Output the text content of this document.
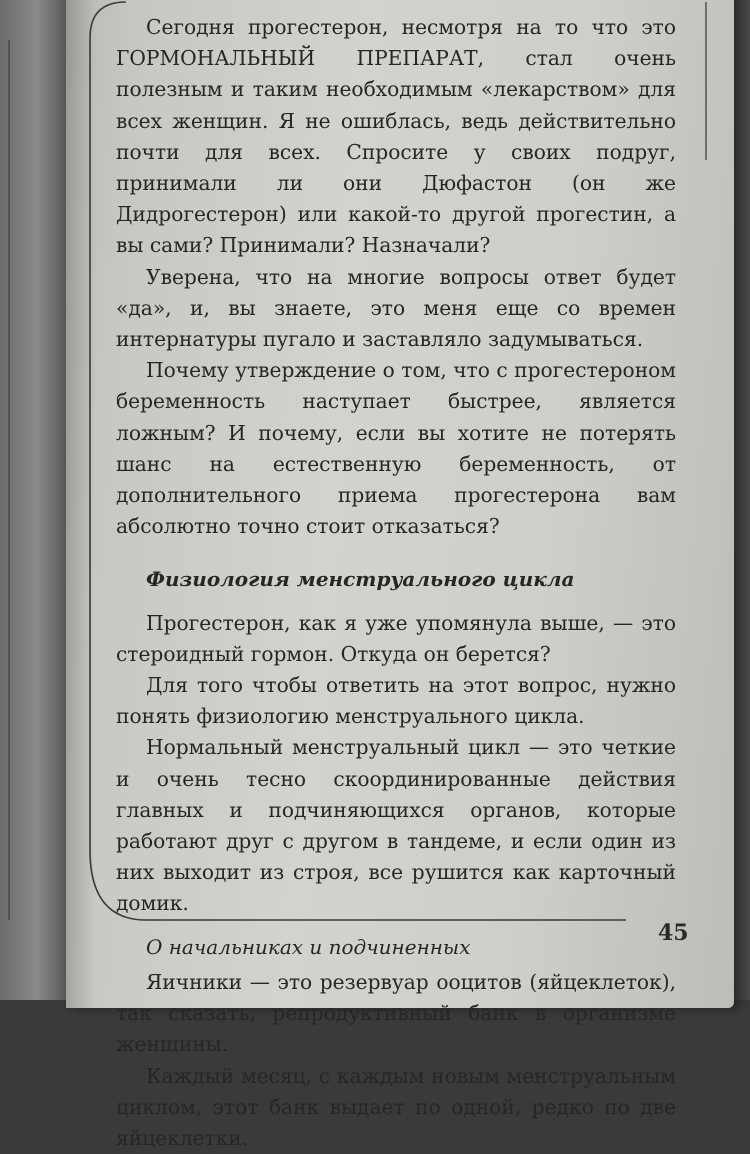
Сегодня прогестерон, несмотря на то что это ГОРМОНАЛЬНЫЙ ПРЕПАРАТ, стал очень полезным и таким необходимым «лекарством» для всех женщин. Я не ошиблась, ведь действительно почти для всех. Спросите у своих подруг, принимали ли они Дюфастон (он же Дидрогестерон) или какой-то другой прогестин, а вы сами? Принимали? Назначали?

Уверена, что на многие вопросы ответ будет «да», и, вы знаете, это меня еще со времен интернатуры пугало и заставляло задумываться.

Почему утверждение о том, что с прогестероном беременность наступает быстрее, является ложным? И почему, если вы хотите не потерять шанс на естественную беременность, от дополнительного приема прогестерона вам абсолютно точно стоит отказаться?

Физиология менструального цикла

Прогестерон, как я уже упомянула выше, — это стероидный гормон. Откуда он берется?

Для того чтобы ответить на этот вопрос, нужно понять физиологию менструального цикла.

Нормальный менструальный цикл — это четкие и очень тесно скоординированные действия главных и подчиняющихся органов, которые работают друг с другом в тандеме, и если один из них выходит из строя, все рушится как карточный домик.

О начальниках и подчиненных

Яичники — это резервуар ооцитов (яйцеклеток), так сказать, репродуктивный банк в организме женщины.

Каждый месяц, с каждым новым менструальным циклом, этот банк выдает по одной, редко по две яйцеклетки.

45
